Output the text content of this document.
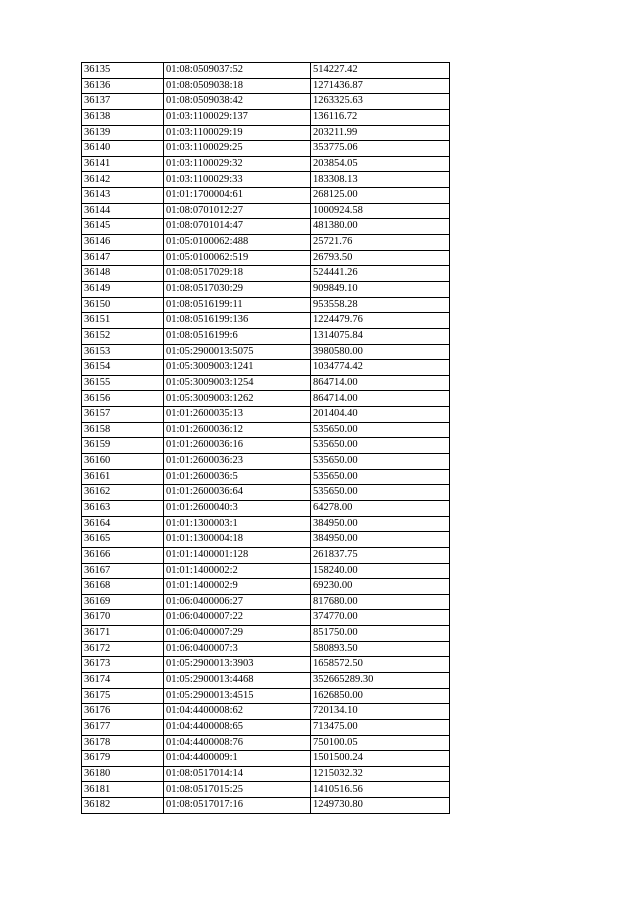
36135	01:08:0509037:52	514227.42
36136	01:08:0509038:18	1271436.87
36137	01:08:0509038:42	1263325.63
36138	01:03:1100029:137	136116.72
36139	01:03:1100029:19	203211.99
36140	01:03:1100029:25	353775.06
36141	01:03:1100029:32	203854.05
36142	01:03:1100029:33	183308.13
36143	01:01:1700004:61	268125.00
36144	01:08:0701012:27	1000924.58
36145	01:08:0701014:47	481380.00
36146	01:05:0100062:488	25721.76
36147	01:05:0100062:519	26793.50
36148	01:08:0517029:18	524441.26
36149	01:08:0517030:29	909849.10
36150	01:08:0516199:11	953558.28
36151	01:08:0516199:136	1224479.76
36152	01:08:0516199:6	1314075.84
36153	01:05:2900013:5075	3980580.00
36154	01:05:3009003:1241	1034774.42
36155	01:05:3009003:1254	864714.00
36156	01:05:3009003:1262	864714.00
36157	01:01:2600035:13	201404.40
36158	01:01:2600036:12	535650.00
36159	01:01:2600036:16	535650.00
36160	01:01:2600036:23	535650.00
36161	01:01:2600036:5	535650.00
36162	01:01:2600036:64	535650.00
36163	01:01:2600040:3	64278.00
36164	01:01:1300003:1	384950.00
36165	01:01:1300004:18	384950.00
36166	01:01:1400001:128	261837.75
36167	01:01:1400002:2	158240.00
36168	01:01:1400002:9	69230.00
36169	01:06:0400006:27	817680.00
36170	01:06:0400007:22	374770.00
36171	01:06:0400007:29	851750.00
36172	01:06:0400007:3	580893.50
36173	01:05:2900013:3903	1658572.50
36174	01:05:2900013:4468	352665289.30
36175	01:05:2900013:4515	1626850.00
36176	01:04:4400008:62	720134.10
36177	01:04:4400008:65	713475.00
36178	01:04:4400008:76	750100.05
36179	01:04:4400009:1	1501500.24
36180	01:08:0517014:14	1215032.32
36181	01:08:0517015:25	1410516.56
36182	01:08:0517017:16	1249730.80
